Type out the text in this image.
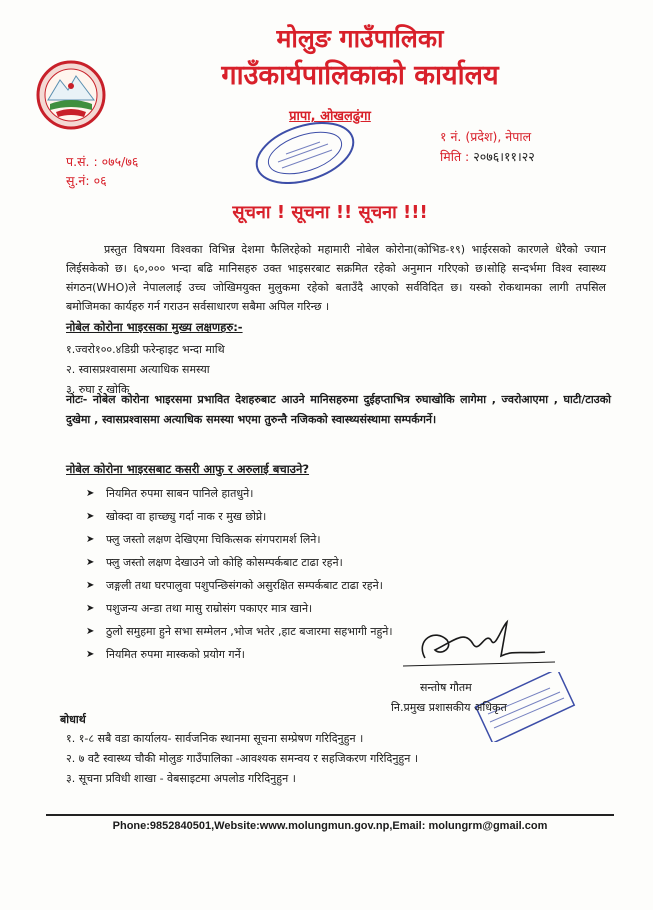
मोलुङ गाउँपालिका
गाउँकार्यपालिकाको कार्यालय
प्रापा, ओखलढुंगा
१ नं. (प्रदेश), नेपाल
मिति : २०७६।११।२२
प.सं. : ०७५/७६
सु.नं: ०६
सूचना ! सूचना !! सूचना !!!
प्रस्तुत विषयमा विश्वका विभिन्न देशमा फैलिरहेको महामारी नोबेल कोरोना(कोभिड-१९) भाईरसको कारणले धेरैको ज्यान लिईसकेको छ। ६०,००० भन्दा बढि मानिसहरु उक्त भाइसरबाट सक्रमित रहेको अनुमान गरिएको छ।सोहि सन्दर्भमा विश्व स्वास्थ्य संगठन(WHO)ले नेपाललाई उच्च जोखिमयुक्त मुलुकमा रहेको बताउँदै आएको सर्वविदित छ। यस्को रोकथामका लागी तपसिल बमोजिमका कार्यहरु गर्न गराउन सर्वसाधारण सबैमा अपिल गरिन्छ ।
नोबेल कोरोना भाइरसका मुख्य लक्षणहरु:-
१.ज्वरो१००.४डिग्री फरेन्हाइट भन्दा माथि
२. स्वासप्रश्वासमा अत्याधिक समस्या
३. रुघा र खोकि
नोटः- नोबेल कोरोना भाइरसमा प्रभावित देशहरुबाट आउने मानिसहरुमा दुईहप्ताभित्र रुघाखोकि लागेमा , ज्वरोआएमा , घाटी/टाउको दुखेमा , स्वासप्रश्वासमा अत्याधिक समस्या भएमा तुरुन्तै नजिकको स्वास्थ्यसंस्थामा सम्पर्कगर्ने।
नोबेल कोरोना भाइरसबाट कसरी आफु र अरुलाई बचाउने?
➤	नियमित रुपमा साबन पानिले हातधुने।
➤	खोक्दा वा हाच्छ्यु गर्दा नाक र मुख छोप्ने।
➤	फ्लु जस्तो लक्षण देखिएमा चिकित्सक संगपरामर्श लिने।
➤	फ्लु जस्तो लक्षण देखाउने जो कोहि कोसम्पर्कबाट टाढा रहने।
➤	जङ्गली तथा घरपालुवा पशुपन्छिसंगको असुरक्षित सम्पर्कबाट टाढा रहने।
➤	पशुजन्य अन्डा तथा मासु राम्रोसंग पकाएर मात्र खाने।
➤	ठुलो समुहमा हुने सभा सम्मेलन ,भोज भतेर ,हाट बजारमा सहभागी नहुने।
➤	नियमित रुपमा मास्कको प्रयोग गर्ने।
सन्तोष गौतम
नि.प्रमुख प्रशासकीय अधिकृत
बोधार्थ
१. १-८ सबै वडा कार्यालय- सार्वजनिक स्थानमा सूचना सम्प्रेषण गरिदिनुहुन ।
२. ७ वटै स्वास्थ्य चौकी मोलुङ गाउँपालिका -आवश्यक समन्वय र सहजिकरण गरिदिनुहुन ।
३. सूचना प्रविधी शाखा - वेबसाइटमा अपलोड गरिदिनुहुन ।
Phone:9852840501,Website:www.molungmun.gov.np,Email: molungrm@gmail.com
